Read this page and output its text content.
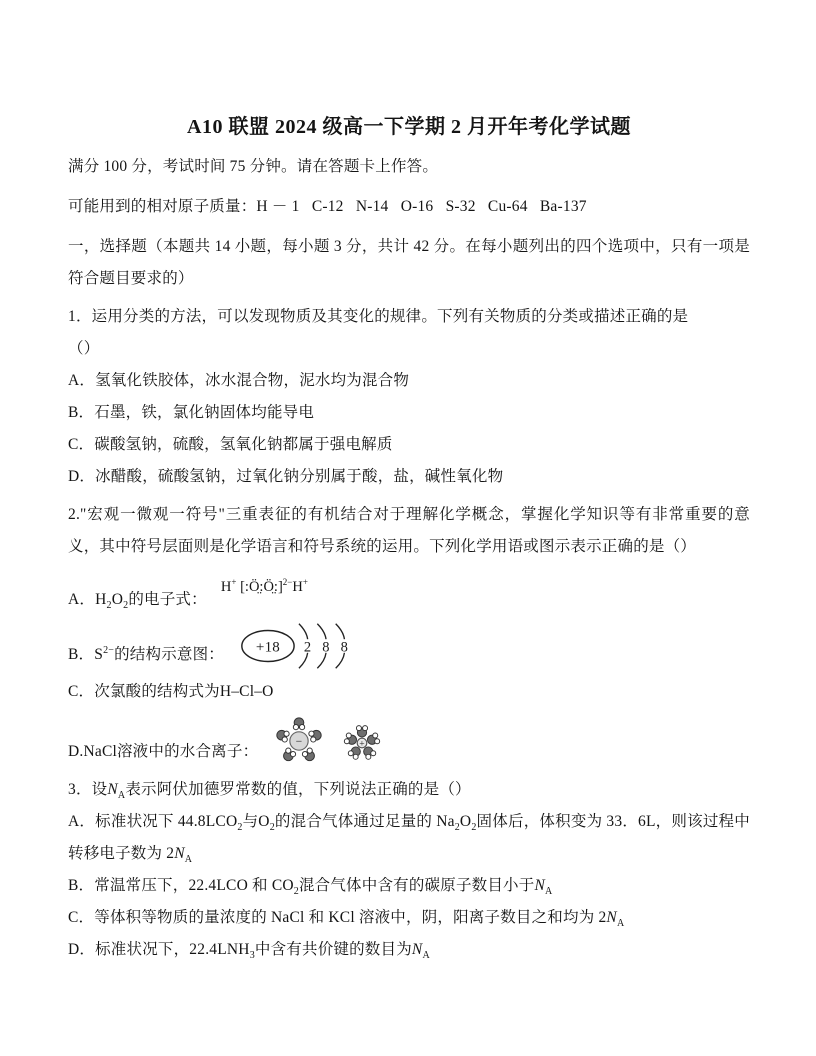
A10 联盟 2024 级高一下学期 2 月开年考化学试题

满分 100 分，考试时间 75 分钟。请在答题卡上作答。

可能用到的相对原子质量：H － 1   C-12   N-14   O-16   S-32   Cu-64   Ba-137

一，选择题（本题共 14 小题，每小题 3 分，共计 42 分。在每小题列出的四个选项中，只有一项是符合题目要求的）

1．运用分类的方法，可以发现物质及其变化的规律。下列有关物质的分类或描述正确的是

（）

A．氢氧化铁胶体，冰水混合物，泥水均为混合物

B．石墨，铁，氯化钠固体均能导电

C．碳酸氢钠，硫酸，氢氧化钠都属于强电解质

D．冰醋酸，硫酸氢钠，过氧化钠分别属于酸，盐，碱性氧化物

2."宏观一微观一符号"三重表征的有机结合对于理解化学概念，掌握化学知识等有非常重要的意义，其中符号层面则是化学语言和符号系统的运用。下列化学用语或图示表示正确的是（）

A．$H_2O_2$的电子式： H+ [:Ö̤:Ö̤:]$^{2-}$H+

B．$S^{2-}$的结构示意图： +18 2 8 8

C．次氯酸的结构式为H–Cl–O

D.NaCl溶液中的水合离子：
−
	+

3．设$N_A$表示阿伏加德罗常数的值，下列说法正确的是（）

A．标准状况下 $44.8LCO_2$与$O_2$的混合气体通过足量的 $Na_2O_2$固体后，体积变为 33．6L，则该过程中转移电子数为 $2N_A$

B．常温常压下，22.4LCO 和 $CO_2$混合气体中含有的碳原子数目小于$N_A$

C．等体积等物质的量浓度的 NaCl 和 KCl 溶液中，阴，阳离子数目之和均为 $2N_A$

D．标准状况下，$22.4LNH_3$中含有共价键的数目为$N_A$
